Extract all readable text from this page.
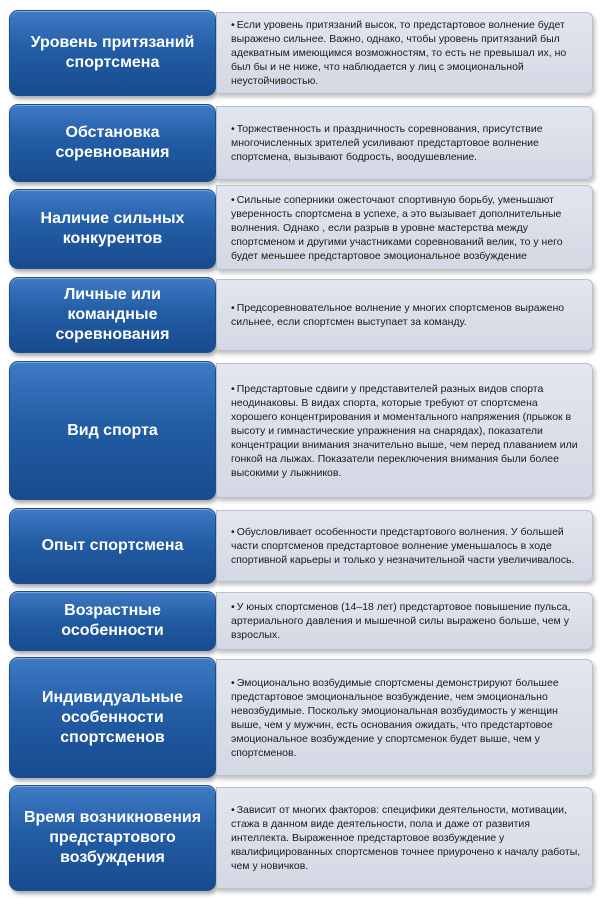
Уровень притязаний спортсмена
• Если уровень притязаний высок, то предстартовое волнение будет выражено сильнее. Важно, однако, чтобы уровень притязаний был адекватным имеющимся возможностям, то есть не превышал их, но был бы и не ниже, что наблюдается у лиц с эмоциональной неустойчивостью.
Обстановка соревнования
• Торжественность и праздничность соревнования, присутствие многочисленных зрителей усиливают предстартовое волнение спортсмена, вызывают бодрость, воодушевление.
Наличие сильных конкурентов
• Сильные соперники ожесточают спортивную борьбу, уменьшают уверенность спортсмена в успехе, а это вызывает дополнительные волнения. Однако , если разрыв в уровне мастерства между спортсменом и другими участниками соревнований велик, то у него будет меньшее предстартовое эмоциональное возбуждение
Личные или командные соревнования
• Предсоревновательное волнение у многих спортсменов выражено сильнее, если спортсмен выступает за команду.
Вид спорта
• Предстартовые сдвиги у представителей разных видов спорта неодинаковы. В видах спорта, которые требуют от спортсмена хорошего концентрирования и моментального напряжения (прыжок в высоту и гимнастические упражнения на снарядах), показатели концентрации внимания значительно выше, чем перед плаванием или гонкой на лыжах. Показатели переключения внимания были более высокими у лыжников.
Опыт спортсмена
• Обусловливает особенности предстартового волнения. У большей части спортсменов предстартовое волнение уменьшалось в ходе спортивной карьеры и только у незначительной части увеличивалось.
Возрастные особенности
• У юных спортсменов (14–18 лет) предстартовое повышение пульса, артериального давления и мышечной силы выражено больше, чем у взрослых.
Индивидуальные особенности спортсменов
• Эмоционально возбудимые спортсмены демонстрируют большее предстартовое эмоциональное возбуждение, чем эмоционально невозбудимые. Поскольку эмоциональная возбудимость у женщин выше, чем у мужчин, есть основания ожидать, что предстартовое эмоциональное возбуждение у спортсменок будет выше, чем у спортсменов.
Время возникновения предстартового возбуждения
• Зависит от многих факторов: специфики деятельности, мотивации, стажа в данном виде деятельности, пола и даже от развития интеллекта. Выраженное предстартовое возбуждение у квалифицированных спортсменов точнее приурочено к началу работы, чем у новичков.
